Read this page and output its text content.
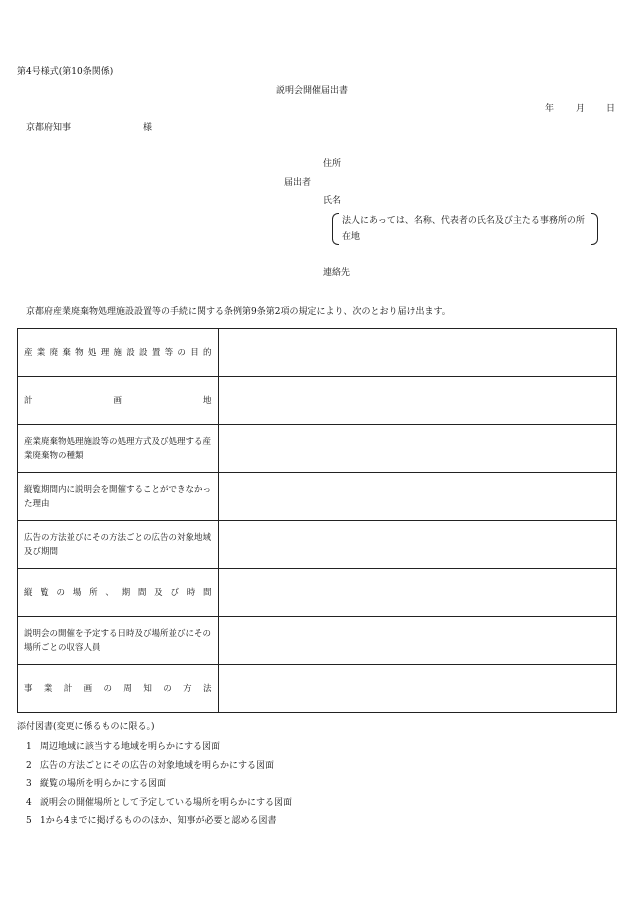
第4号様式(第10条関係)
説明会開催届出書
年 月 日
京都府知事	様
住所
届出者
氏名
法人にあっては、名称、代表者の氏名及び主たる事務所の所在地
連絡先
京都府産業廃棄物処理施設設置等の手続に関する条例第9条第2項の規定により、次のとおり届け出ます。
産業廃棄物処理施設設置等の目的	

計画地	

産業廃棄物処理施設等の処理方式及び処理する産業廃棄物の種類	
縦覧期間内に説明会を開催することができなかった理由	
広告の方法並びにその方法ごとの広告の対象地域及び期間	

縦覧の場所、期間及び時間	

説明会の開催を予定する日時及び場所並びにその場所ごとの収容人員	

事業計画の周知の方法	

添付図書(変更に係るものに限る。)
1 周辺地域に該当する地域を明らかにする図面
2 広告の方法ごとにその広告の対象地域を明らかにする図面
3 縦覧の場所を明らかにする図面
4 説明会の開催場所として予定している場所を明らかにする図面
5 1から4までに掲げるもののほか、知事が必要と認める図書
